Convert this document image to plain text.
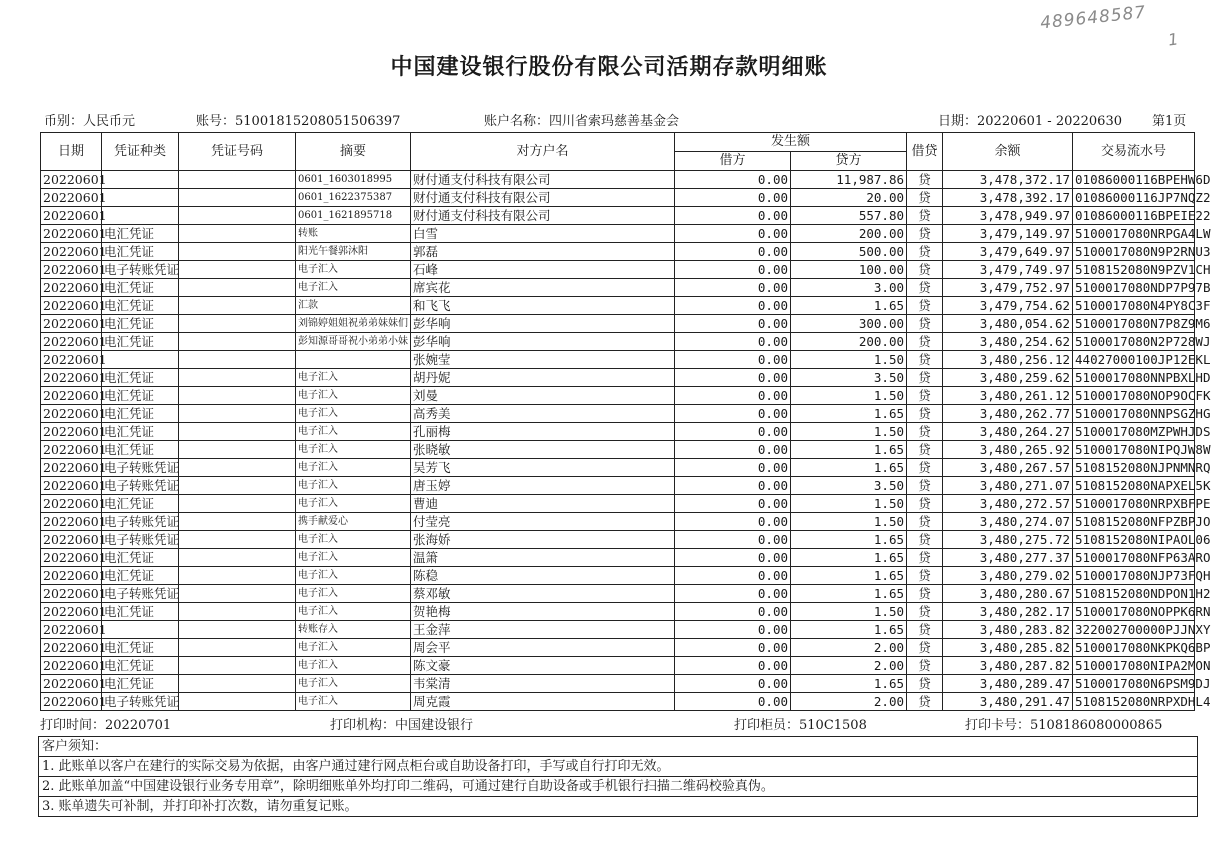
489648587
1
中国建设银行股份有限公司活期存款明细账
币别：人民币元	账号：51001815208051506397	账户名称：四川省索玛慈善基金会	日期：20220601 - 20220630 第1页
日期	凭证种类	凭证号码	摘要	对方户名	发生额		借贷	余额	交易流水号
					借方	贷方			
20220601			0601_1603018995	财付通支付科技有限公司	0.00	11,987.86	贷	3,478,372.17	01086000116BPEHW6D
20220601			0601_1622375387	财付通支付科技有限公司	0.00	20.00	贷	3,478,392.17	01086000116JP7NQZ2
20220601			0601_1621895718	财付通支付科技有限公司	0.00	557.80	贷	3,478,949.97	01086000116BPEIE22
20220601	电汇凭证		转账	白雪	0.00	200.00	贷	3,479,149.97	5100017080NRPGA4LW
20220601	电汇凭证		阳光午餐郭沐阳	郭磊	0.00	500.00	贷	3,479,649.97	5100017080N9P2RNU3
20220601	电子转账凭证		电子汇入	石峰	0.00	100.00	贷	3,479,749.97	5108152080N9PZV1CH
20220601	电汇凭证		电子汇入	席宾花	0.00	3.00	贷	3,479,752.97	5100017080NDP7P97B
20220601	电汇凭证		汇款	和飞飞	0.00	1.65	贷	3,479,754.62	5100017080N4PY8C3F
20220601	电汇凭证		刘锦婷姐姐祝弟弟妹妹们	彭华响	0.00	300.00	贷	3,480,054.62	5100017080N7P8Z9M6
20220601	电汇凭证		彭知源哥哥祝小弟弟小妹	彭华响	0.00	200.00	贷	3,480,254.62	5100017080N2P728WJ
20220601				张婉莹	0.00	1.50	贷	3,480,256.12	44027000100JP12EKL
20220601	电汇凭证		电子汇入	胡丹妮	0.00	3.50	贷	3,480,259.62	5100017080NNPBXLHD
20220601	电汇凭证		电子汇入	刘曼	0.00	1.50	贷	3,480,261.12	5100017080NOP9OCFK
20220601	电汇凭证		电子汇入	高秀美	0.00	1.65	贷	3,480,262.77	5100017080NNPSGZHG
20220601	电汇凭证		电子汇入	孔丽梅	0.00	1.50	贷	3,480,264.27	5100017080MZPWHJDS
20220601	电汇凭证		电子汇入	张晓敏	0.00	1.65	贷	3,480,265.92	5100017080NIPQJW8W
20220601	电子转账凭证		电子汇入	吴芳飞	0.00	1.65	贷	3,480,267.57	5108152080NJPNMNRQ
20220601	电子转账凭证		电子汇入	唐玉婷	0.00	3.50	贷	3,480,271.07	5108152080NAPXEL5K
20220601	电汇凭证		电子汇入	曹迪	0.00	1.50	贷	3,480,272.57	5100017080NRPXBFPE
20220601	电子转账凭证		携手献爱心	付莹亮	0.00	1.50	贷	3,480,274.07	5108152080NFPZBPJO
20220601	电子转账凭证		电子汇入	张海娇	0.00	1.65	贷	3,480,275.72	5108152080NIPAOL06
20220601	电汇凭证		电子汇入	温箫	0.00	1.65	贷	3,480,277.37	5100017080NFP63ARO
20220601	电汇凭证		电子汇入	陈稳	0.00	1.65	贷	3,480,279.02	5100017080NJP73FQH
20220601	电子转账凭证		电子汇入	蔡邓敏	0.00	1.65	贷	3,480,280.67	5108152080NDPON1H2
20220601	电汇凭证		电子汇入	贺艳梅	0.00	1.50	贷	3,480,282.17	5100017080NOPPK6RN
20220601			转账存入	王金萍	0.00	1.65	贷	3,480,283.82	322002700000PJJNXY
20220601	电汇凭证		电子汇入	周会平	0.00	2.00	贷	3,480,285.82	5100017080NKPKQ6BP
20220601	电汇凭证		电子汇入	陈文豪	0.00	2.00	贷	3,480,287.82	5100017080NIPA2MON
20220601	电汇凭证		电子汇入	韦棠清	0.00	1.65	贷	3,480,289.47	5100017080N6PSM9DJ
20220601	电子转账凭证		电子汇入	周克霞	0.00	2.00	贷	3,480,291.47	5108152080NRPXDHL4
打印时间：20220701	打印机构：中国建设银行	打印柜员：510C1508	打印卡号：5108186080000865
客户须知：
1. 此账单以客户在建行的实际交易为依据，由客户通过建行网点柜台或自助设备打印，手写或自行打印无效。
2. 此账单加盖“中国建设银行业务专用章”，除明细账单外均打印二维码，可通过建行自助设备或手机银行扫描二维码校验真伪。
3. 账单遗失可补制，并打印补打次数，请勿重复记账。
